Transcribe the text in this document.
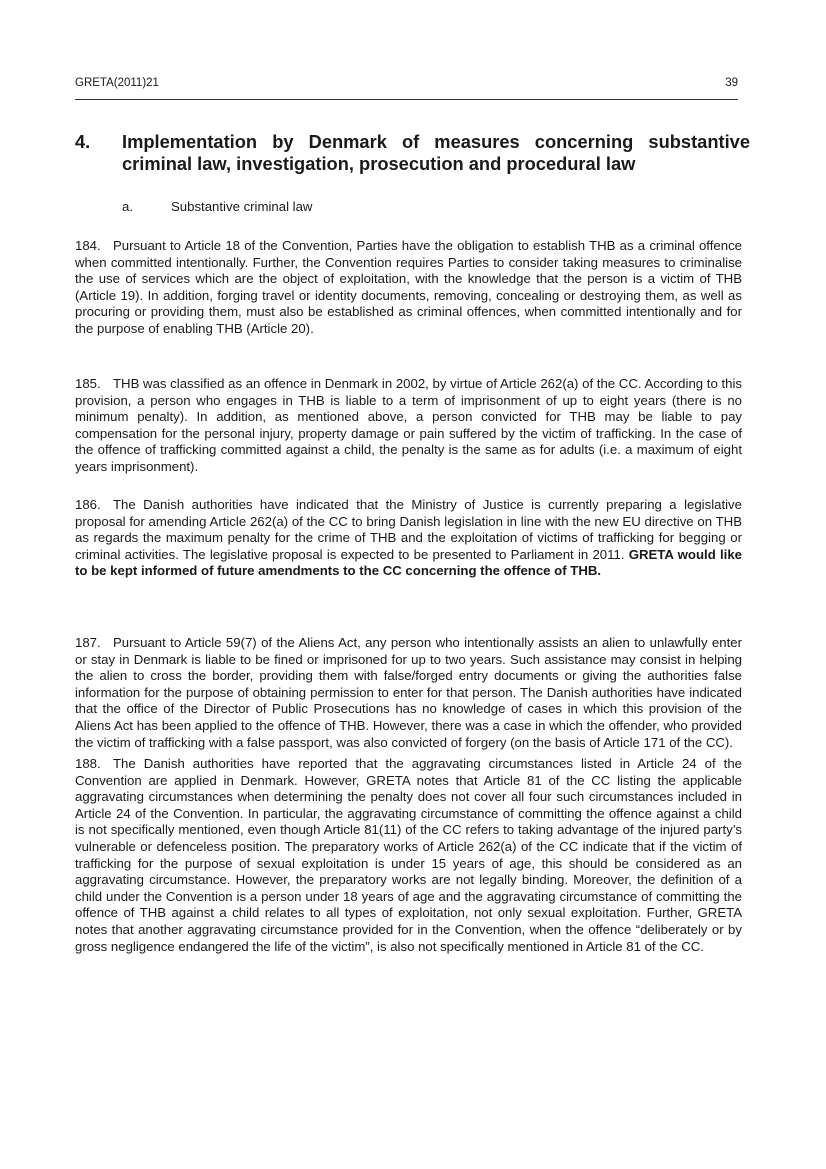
GRETA(2011)21	39
4. Implementation by Denmark of measures concerning substantive criminal law, investigation, prosecution and procedural law
a.	Substantive criminal law

184. Pursuant to Article 18 of the Convention, Parties have the obligation to establish THB as a criminal offence when committed intentionally. Further, the Convention requires Parties to consider taking measures to criminalise the use of services which are the object of exploitation, with the knowledge that the person is a victim of THB (Article 19). In addition, forging travel or identity documents, removing, concealing or destroying them, as well as procuring or providing them, must also be established as criminal offences, when committed intentionally and for the purpose of enabling THB (Article 20).

185. THB was classified as an offence in Denmark in 2002, by virtue of Article 262(a) of the CC. According to this provision, a person who engages in THB is liable to a term of imprisonment of up to eight years (there is no minimum penalty). In addition, as mentioned above, a person convicted for THB may be liable to pay compensation for the personal injury, property damage or pain suffered by the victim of trafficking. In the case of the offence of trafficking committed against a child, the penalty is the same as for adults (i.e. a maximum of eight years imprisonment).

186. The Danish authorities have indicated that the Ministry of Justice is currently preparing a legislative proposal for amending Article 262(a) of the CC to bring Danish legislation in line with the new EU directive on THB as regards the maximum penalty for the crime of THB and the exploitation of victims of trafficking for begging or criminal activities. The legislative proposal is expected to be presented to Parliament in 2011. GRETA would like to be kept informed of future amendments to the CC concerning the offence of THB.

187. Pursuant to Article 59(7) of the Aliens Act, any person who intentionally assists an alien to unlawfully enter or stay in Denmark is liable to be fined or imprisoned for up to two years. Such assistance may consist in helping the alien to cross the border, providing them with false/forged entry documents or giving the authorities false information for the purpose of obtaining permission to enter for that person. The Danish authorities have indicated that the office of the Director of Public Prosecutions has no knowledge of cases in which this provision of the Aliens Act has been applied to the offence of THB. However, there was a case in which the offender, who provided the victim of trafficking with a false passport, was also convicted of forgery (on the basis of Article 171 of the CC).

188. The Danish authorities have reported that the aggravating circumstances listed in Article 24 of the Convention are applied in Denmark. However, GRETA notes that Article 81 of the CC listing the applicable aggravating circumstances when determining the penalty does not cover all four such circumstances included in Article 24 of the Convention. In particular, the aggravating circumstance of committing the offence against a child is not specifically mentioned, even though Article 81(11) of the CC refers to taking advantage of the injured party’s vulnerable or defenceless position. The preparatory works of Article 262(a) of the CC indicate that if the victim of trafficking for the purpose of sexual exploitation is under 15 years of age, this should be considered as an aggravating circumstance. However, the preparatory works are not legally binding. Moreover, the definition of a child under the Convention is a person under 18 years of age and the aggravating circumstance of committing the offence of THB against a child relates to all types of exploitation, not only sexual exploitation. Further, GRETA notes that another aggravating circumstance provided for in the Convention, when the offence “deliberately or by gross negligence endangered the life of the victim”, is also not specifically mentioned in Article 81 of the CC.
